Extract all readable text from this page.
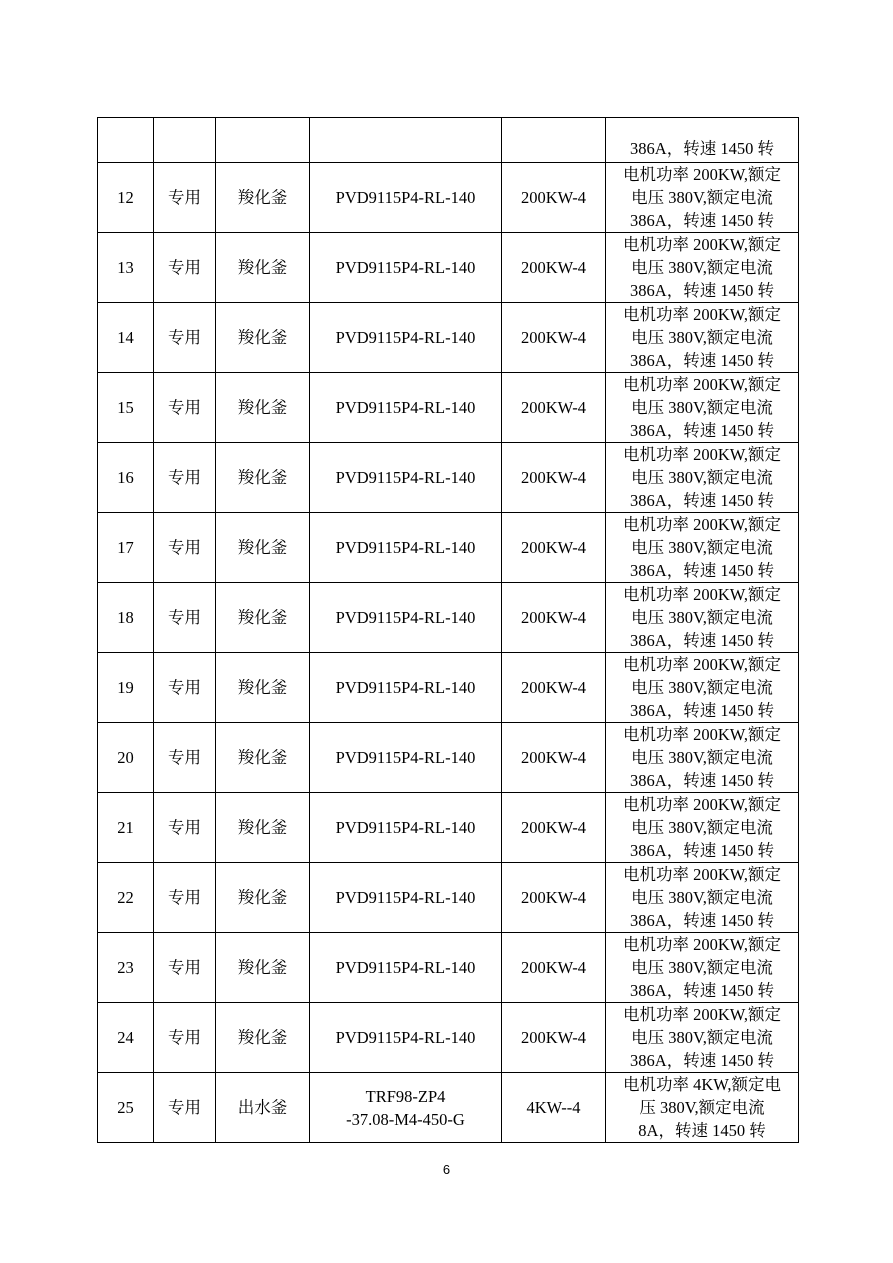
					386A，转速 1450 转
12	专用	羧化釜	PVD9115P4-RL-140	200KW-4	电机功率 200KW,额定
电压 380V,额定电流
386A，转速 1450 转

13	专用	羧化釜	PVD9115P4-RL-140	200KW-4	电机功率 200KW,额定
电压 380V,额定电流
386A，转速 1450 转

14	专用	羧化釜	PVD9115P4-RL-140	200KW-4	电机功率 200KW,额定
电压 380V,额定电流
386A，转速 1450 转

15	专用	羧化釜	PVD9115P4-RL-140	200KW-4	电机功率 200KW,额定
电压 380V,额定电流
386A，转速 1450 转

16	专用	羧化釜	PVD9115P4-RL-140	200KW-4	电机功率 200KW,额定
电压 380V,额定电流
386A，转速 1450 转

17	专用	羧化釜	PVD9115P4-RL-140	200KW-4	电机功率 200KW,额定
电压 380V,额定电流
386A，转速 1450 转

18	专用	羧化釜	PVD9115P4-RL-140	200KW-4	电机功率 200KW,额定
电压 380V,额定电流
386A，转速 1450 转

19	专用	羧化釜	PVD9115P4-RL-140	200KW-4	电机功率 200KW,额定
电压 380V,额定电流
386A，转速 1450 转

20	专用	羧化釜	PVD9115P4-RL-140	200KW-4	电机功率 200KW,额定
电压 380V,额定电流
386A，转速 1450 转

21	专用	羧化釜	PVD9115P4-RL-140	200KW-4	电机功率 200KW,额定
电压 380V,额定电流
386A，转速 1450 转

22	专用	羧化釜	PVD9115P4-RL-140	200KW-4	电机功率 200KW,额定
电压 380V,额定电流
386A，转速 1450 转

23	专用	羧化釜	PVD9115P4-RL-140	200KW-4	电机功率 200KW,额定
电压 380V,额定电流
386A，转速 1450 转

24	专用	羧化釜	PVD9115P4-RL-140	200KW-4	电机功率 200KW,额定
电压 380V,额定电流
386A，转速 1450 转

25	专用	出水釜	TRF98-ZP4
-37.08-M4-450-G	4KW--4	电机功率 4KW,额定电
压 380V,额定电流
8A，转速 1450 转
6
